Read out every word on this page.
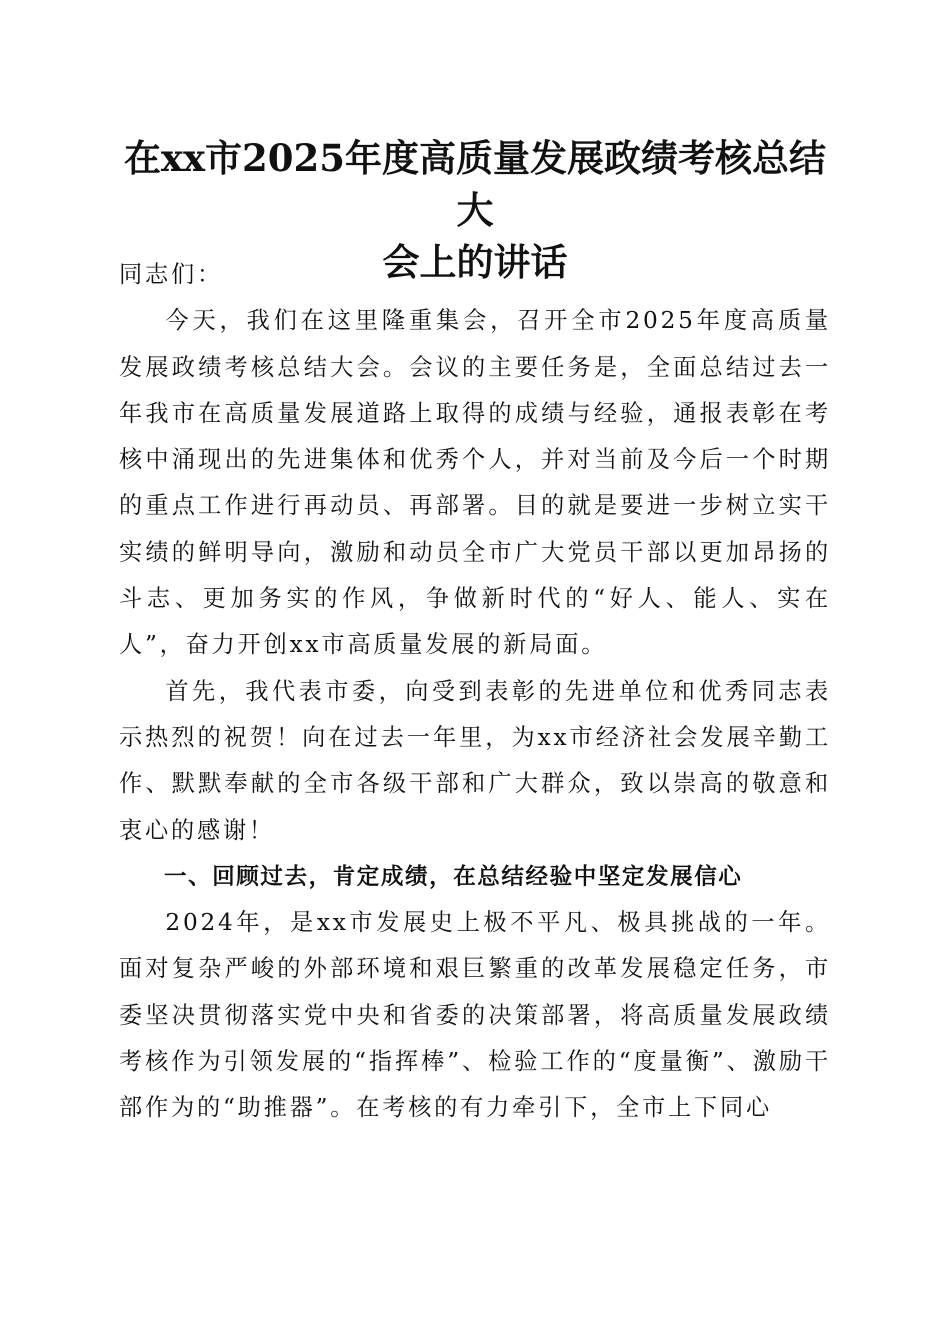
在xx市2025年度高质量发展政绩考核总结大
会上的讲话

同志们：

今天，我们在这里隆重集会，召开全市2025年度高质量发展政绩考核总结大会。会议的主要任务是，全面总结过去一年我市在高质量发展道路上取得的成绩与经验，通报表彰在考核中涌现出的先进集体和优秀个人，并对当前及今后一个时期的重点工作进行再动员、再部署。目的就是要进一步树立实干实绩的鲜明导向，激励和动员全市广大党员干部以更加昂扬的斗志、更加务实的作风，争做新时代的“好人、能人、实在人”，奋力开创xx市高质量发展的新局面。

首先，我代表市委，向受到表彰的先进单位和优秀同志表示热烈的祝贺！向在过去一年里，为xx市经济社会发展辛勤工作、默默奉献的全市各级干部和广大群众，致以崇高的敬意和衷心的感谢！

一、回顾过去，肯定成绩，在总结经验中坚定发展信心

2024年，是xx市发展史上极不平凡、极具挑战的一年。面对复杂严峻的外部环境和艰巨繁重的改革发展稳定任务，市委坚决贯彻落实党中央和省委的决策部署，将高质量发展政绩考核作为引领发展的“指挥棒”、检验工作的“度量衡”、激励干部作为的“助推器”。在考核的有力牵引下，全市上下同心
